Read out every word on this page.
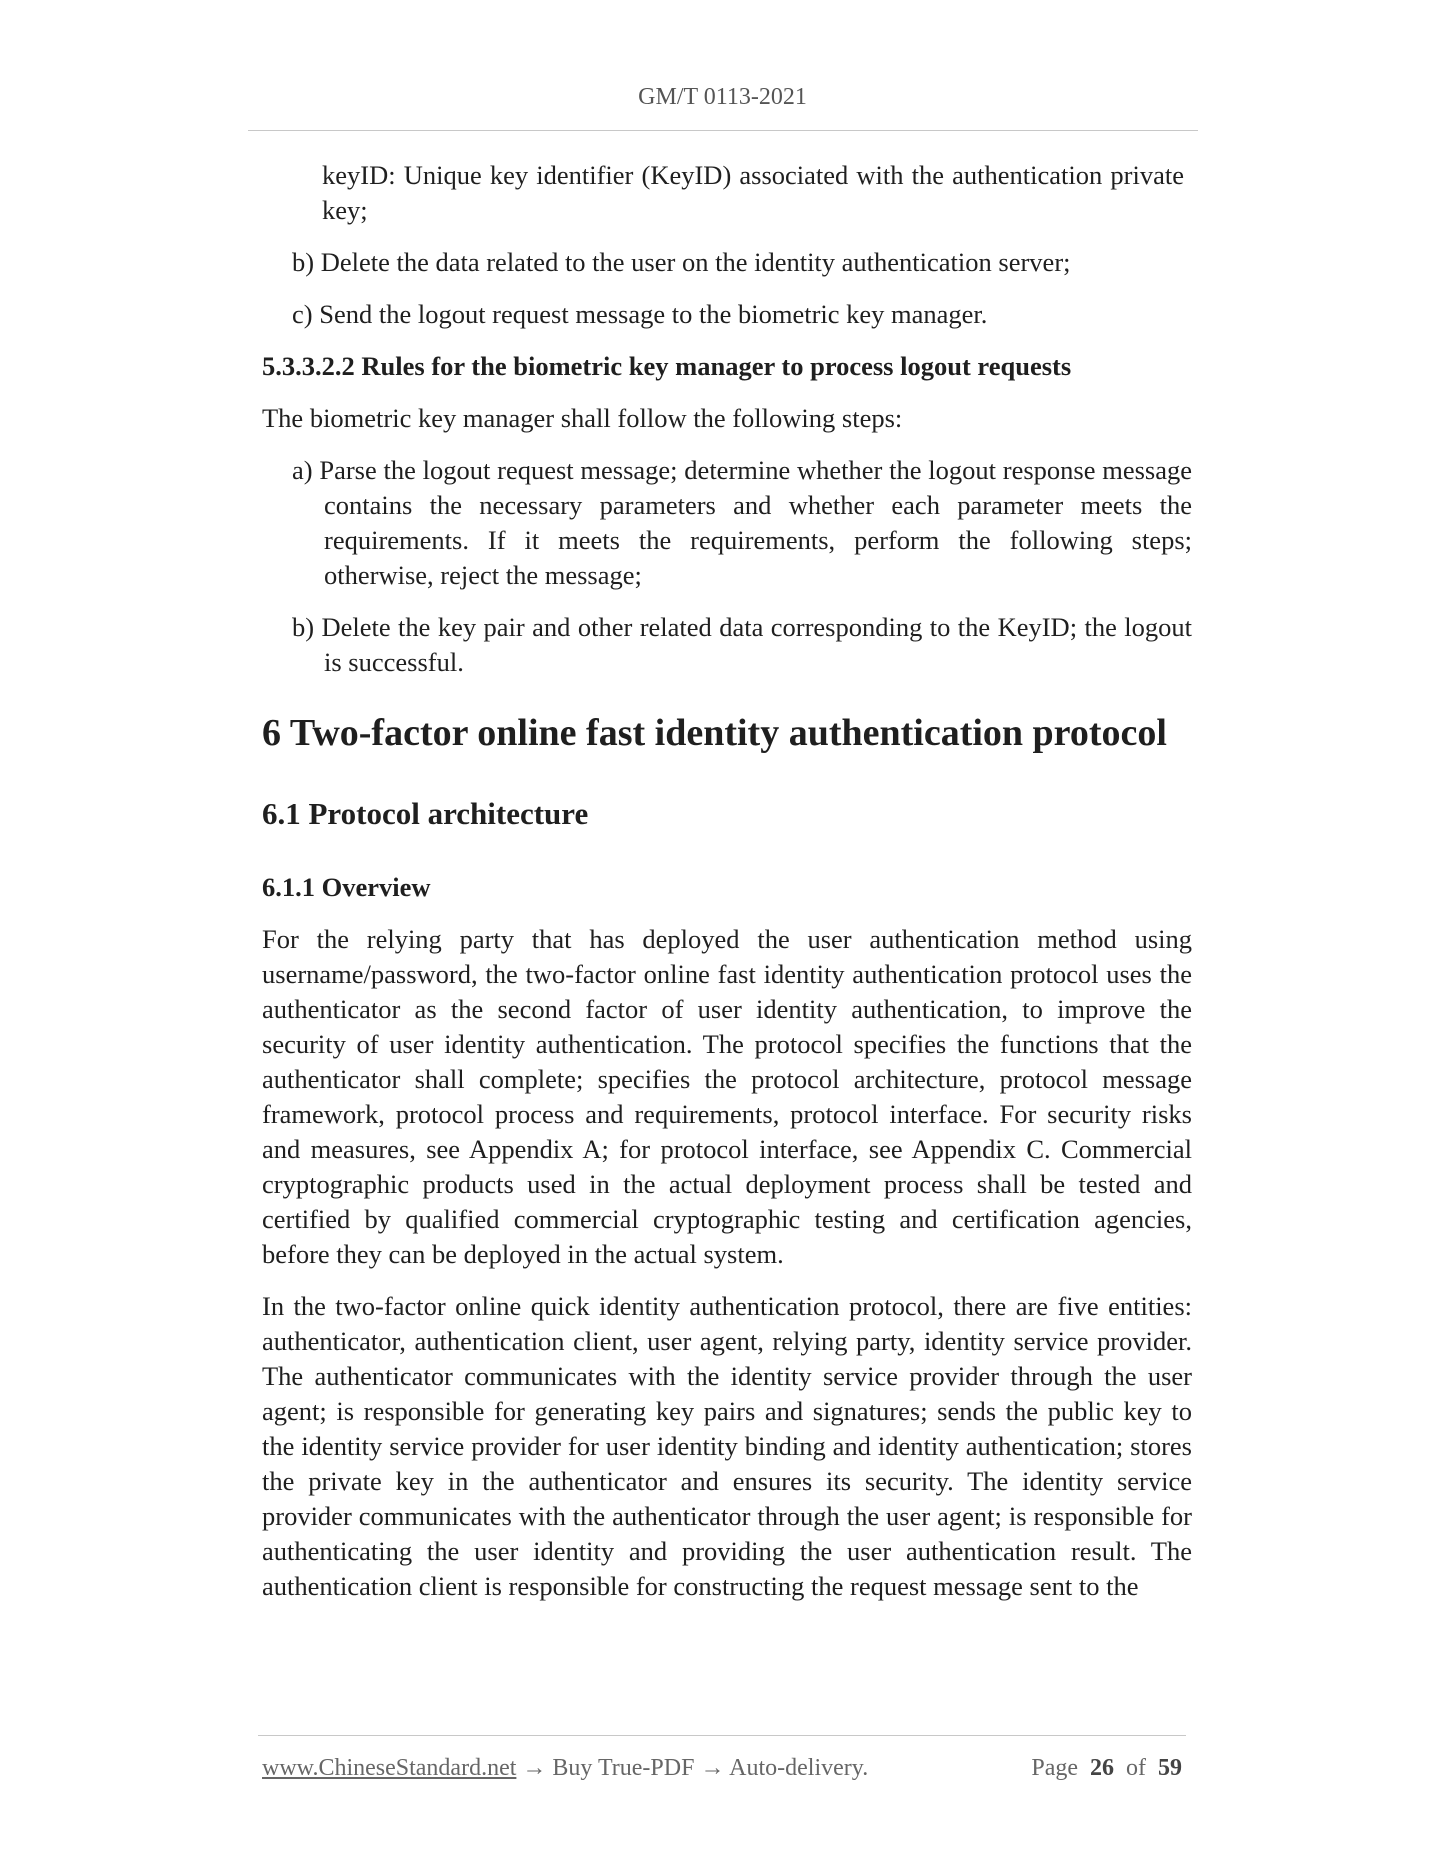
GM/T 0113-2021

keyID: Unique key identifier (KeyID) associated with the authentication private key;

b) Delete the data related to the user on the identity authentication server;

c) Send the logout request message to the biometric key manager.

5.3.3.2.2 Rules for the biometric key manager to process logout requests

The biometric key manager shall follow the following steps:

a) Parse the logout request message; determine whether the logout response message contains the necessary parameters and whether each parameter meets the requirements. If it meets the requirements, perform the following steps; otherwise, reject the message;

b) Delete the key pair and other related data corresponding to the KeyID; the logout is successful.

6 Two-factor online fast identity authentication protocol
6.1 Protocol architecture
6.1.1 Overview

For the relying party that has deployed the user authentication method using username/password, the two-factor online fast identity authentication protocol uses the authenticator as the second factor of user identity authentication, to improve the security of user identity authentication. The protocol specifies the functions that the authenticator shall complete; specifies the protocol architecture, protocol message framework, protocol process and requirements, protocol interface. For security risks and measures, see Appendix A; for protocol interface, see Appendix C. Commercial cryptographic products used in the actual deployment process shall be tested and certified by qualified commercial cryptographic testing and certification agencies, before they can be deployed in the actual system.

In the two-factor online quick identity authentication protocol, there are five entities: authenticator, authentication client, user agent, relying party, identity service provider. The authenticator communicates with the identity service provider through the user agent; is responsible for generating key pairs and signatures; sends the public key to the identity service provider for user identity binding and identity authentication; stores the private key in the authenticator and ensures its security. The identity service provider communicates with the authenticator through the user agent; is responsible for authenticating the user identity and providing the user authentication result. The authentication client is responsible for constructing the request message sent to the

www.ChineseStandard.net → Buy True-PDF → Auto-delivery.	Page 26 of 59
